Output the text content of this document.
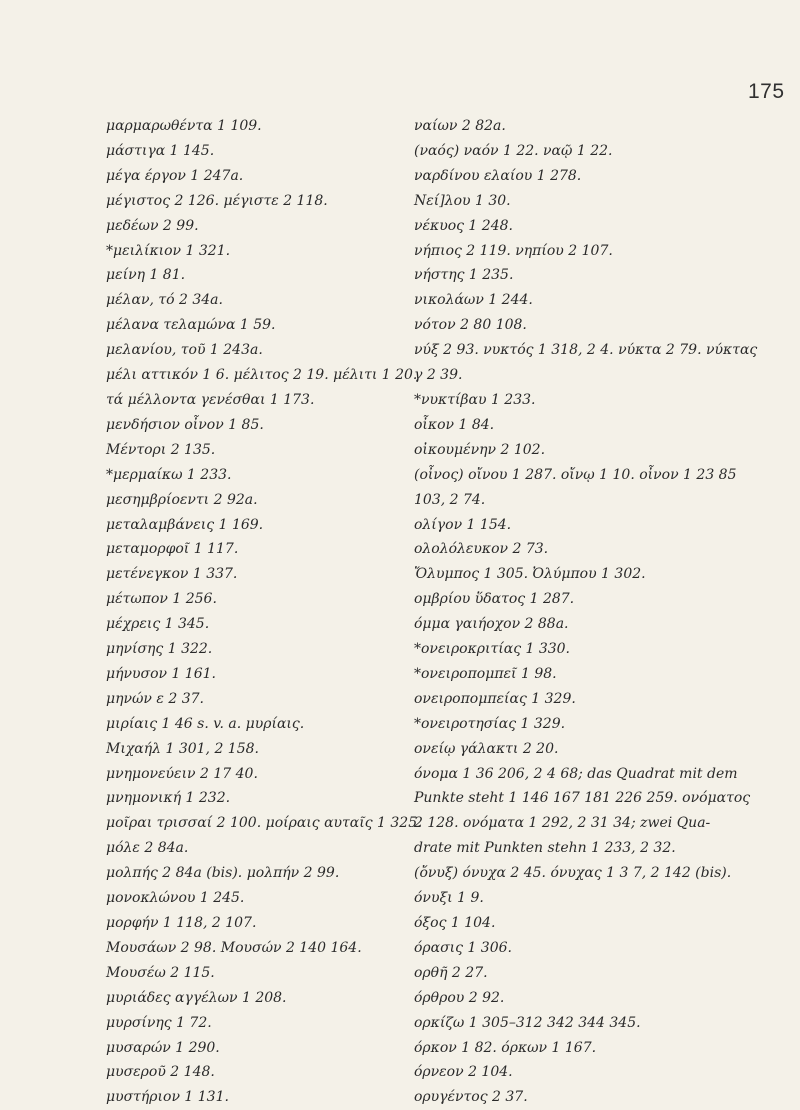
175
μαρμαρωθέντα 1 109.
μάστιγα 1 145.
μέγα έργον 1 247a.
μέγιστος 2 126. μέγιστε 2 118.
μεδέων 2 99.
*μειλίκιον 1 321.
μείνη 1 81.
μέλαν, τό 2 34a.
μέλανα τελαμώνα 1 59.
μελανίου, τοῦ 1 243a.
μέλι αττικόν 1 6. μέλιτος 2 19. μέλιτι 1 20.
τά μέλλοντα γενέσθαι 1 173.
μενδήσιον οἶνον 1 85.
Μέντορι 2 135.
*μερμαίκω 1 233.
μεσημβρίοεντι 2 92a.
μεταλαμβάνεις 1 169.
μεταμορφοῖ 1 117.
μετένεγκον 1 337.
μέτωπον 1 256.
μέχρεις 1 345.
μηνίσης 1 322.
μήνυσον 1 161.
μηνών ε 2 37.
μιρίαις 1 46 s. v. a. μυρίαις.
Μιχαήλ 1 301, 2 158.
μνημονεύειν 2 17 40.
μνημονική 1 232.
μοῖραι τρισσαί 2 100. μοίραις αυταῖς 1 325.
μόλε 2 84a.
μολπής 2 84a (bis). μολπήν 2 99.
μονοκλώνου 1 245.
μορφήν 1 118, 2 107.
Μουσάων 2 98. Μουσών 2 140 164.
Μουσέω 2 115.
μυριάδες αγγέλων 1 208.
μυρσίνης 1 72.
μυσαρών 1 290.
μυσεροῦ 2 148.
μυστήριον 1 131.
ναίων 2 82a.
(ναός) ναόν 1 22. ναῷ 1 22.
ναρδίνου ελαίου 1 278.
Νεί]λου 1 30.
νέκυος 1 248.
νήπιος 2 119. νηπίου 2 107.
νήστης 1 235.
νικολάων 1 244.
νότον 2 80 108.
νύξ 2 93. νυκτός 1 318, 2 4. νύκτα 2 79. νύκτας
γ 2 39.
*νυκτίβαυ 1 233.
οἶκον 1 84.
οἰκουμένην 2 102.
(οἶνος) οἴνου 1 287. οἴνῳ 1 10. οἶνον 1 23 85
103, 2 74.
ολίγον 1 154.
ολολόλευκον 2 73.
Ὄλυμπος 1 305. Ὀλύμπου 1 302.
ομβρίου ὕδατος 1 287.
όμμα γαιήοχον 2 88a.
*ονειροκριτίας 1 330.
*ονειροπομπεῖ 1 98.
ονειροπομπείας 1 329.
*ονειροτησίας 1 329.
ονείῳ γάλακτι 2 20.
όνομα 1 36 206, 2 4 68; das Quadrat mit dem
Punkte steht 1 146 167 181 226 259. ονόματος
2 128. ονόματα 1 292, 2 31 34; zwei Qua-
drate mit Punkten stehn 1 233, 2 32.
(ὄνυξ) όνυχα 2 45. όνυχας 1 3 7, 2 142 (bis).
όνυξι 1 9.
όξος 1 104.
όρασις 1 306.
ορθῆ 2 27.
όρθρου 2 92.
ορκίζω 1 305–312 342 344 345.
όρκον 1 82. όρκων 1 167.
όρνεον 2 104.
ορυγέντος 2 37.
